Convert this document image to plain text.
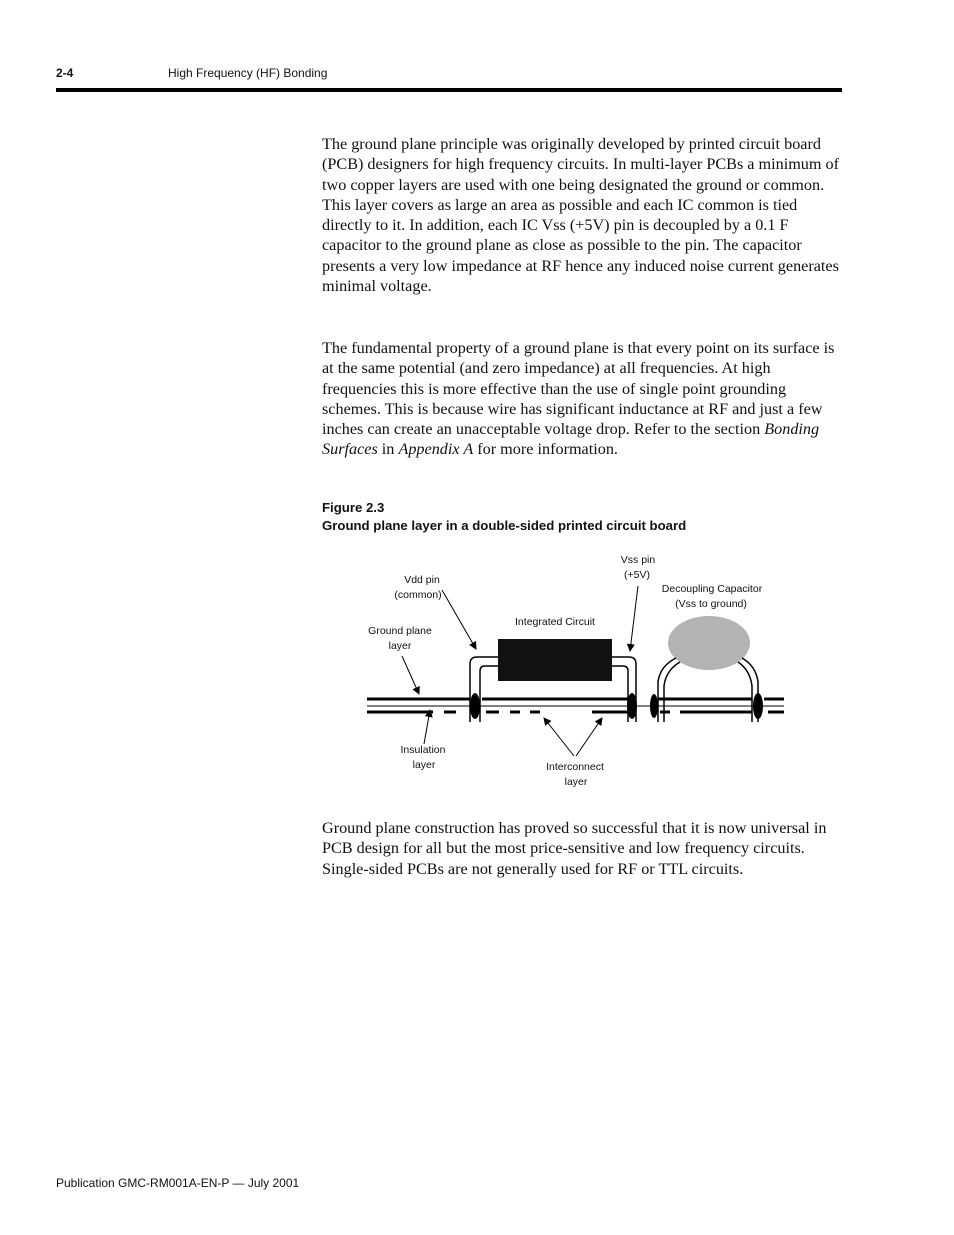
2-4	High Frequency (HF) Bonding

The ground plane principle was originally developed by printed circuit board (PCB) designers for high frequency circuits. In multi-layer PCBs a minimum of two copper layers are used with one being designated the ground or common. This layer covers as large an area as possible and each IC common is tied directly to it. In addition, each IC Vss (+5V) pin is decoupled by a 0.1 F capacitor to the ground plane as close as possible to the pin. The capacitor presents a very low impedance at RF hence any induced noise current generates minimal voltage.

The fundamental property of a ground plane is that every point on its surface is at the same potential (and zero impedance) at all frequencies. At high frequencies this is more effective than the use of single point grounding schemes. This is because wire has significant inductance at RF and just a few inches can create an unacceptable voltage drop. Refer to the section Bonding Surfaces in Appendix A for more information.

Figure 2.3
Ground plane layer in a double-sided printed circuit board
Vdd pin
(common)
Vss pin
(+5V)
Decoupling Capacitor
(Vss to ground)
Integrated Circuit
Ground plane
layer
Insulation
layer	Interconnect
layer

Ground plane construction has proved so successful that it is now universal in PCB design for all but the most price-sensitive and low frequency circuits. Single-sided PCBs are not generally used for RF or TTL circuits.

Publication GMC-RM001A-EN-P — July 2001
